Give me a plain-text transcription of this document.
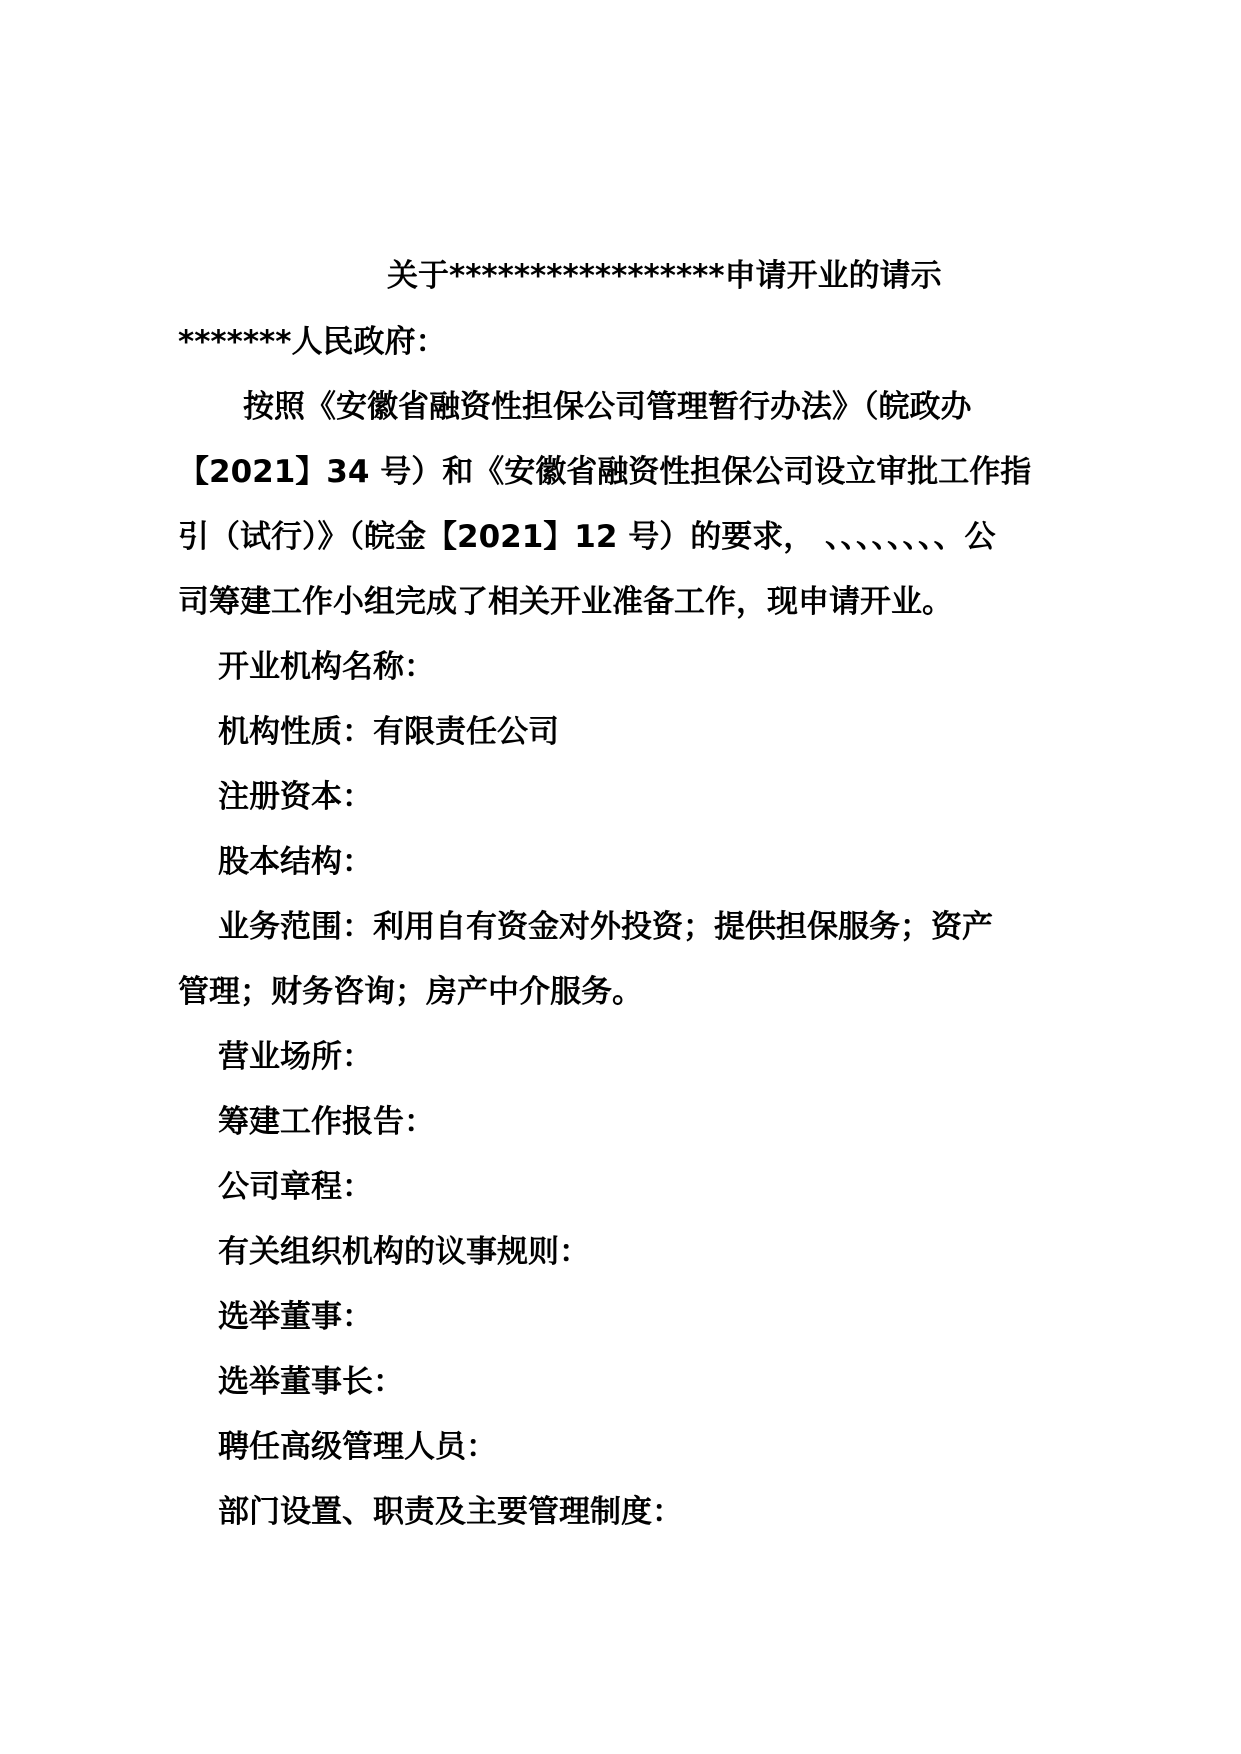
关于*****************申请开业的请示
*******人民政府：
按照《安徽省融资性担保公司管理暂行办法》（皖政办
【2021】34 号）和《安徽省融资性担保公司设立审批工作指
引（试行）》（皖金【2021】12 号）的要求， 、、、、、、、、公
司筹建工作小组完成了相关开业准备工作，现申请开业。
开业机构名称：
机构性质：有限责任公司
注册资本：
股本结构：
业务范围：利用自有资金对外投资；提供担保服务；资产
管理；财务咨询；房产中介服务。
营业场所：
筹建工作报告：
公司章程：
有关组织机构的议事规则：
选举董事：
选举董事长：
聘任高级管理人员：
部门设置、职责及主要管理制度：
